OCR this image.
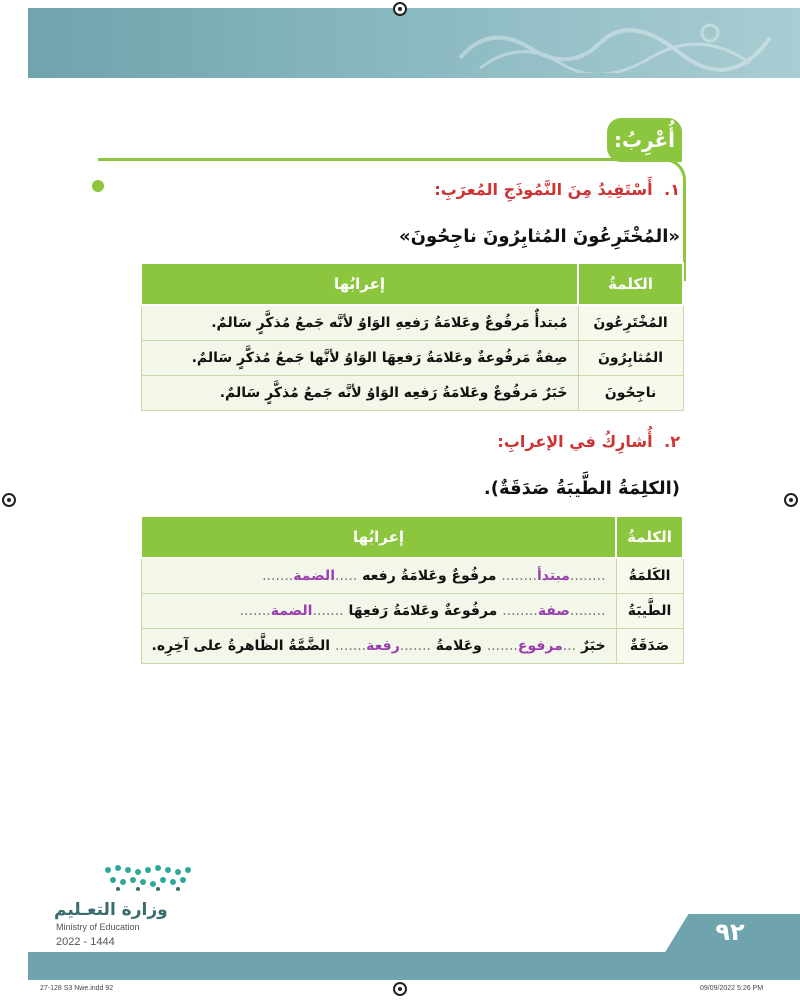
أُعْرِبُ:
١. أَسْتَفِيدُ مِنَ النَّمُوذَجِ المُعرَبِ:
«المُخْتَرِعُونَ المُثابِرُونَ ناجِحُونَ»
الكلمةُ	إعرابُها
المُخْتَرِعُونَ	مُبتدأٌ مَرفُوعٌ وعَلامَةُ رَفعِهِ الوَاوُ لأنَّه جَمعُ مُذكَّرٍ سَالمٌ.
المُثابِرُونَ	صِفةٌ مَرفُوعةٌ وعَلامَةُ رَفعِهَا الوَاوُ لأنَّها جَمعُ مُذكَّرٍ سَالمٌ.
ناجِحُونَ	خَبَرٌ مَرفُوعٌ وعَلامَةُ رَفعِه الوَاوُ لأنَّه جَمعُ مُذكَّرٍ سَالمٌ.
٢. أُشارِكُ في الإعرابِ:
(الكلِمَةُ الطَّيبَةُ صَدَقَةٌ).
الكلمةُ	إعرابُها
الكَلمَةُ	........مبتدأ........ مرفُوعٌ وعَلامَةُ رفعه .....الضمة.......
الطَّيبَةُ	........صفة........ مرفُوعةٌ وعَلامَةُ رَفعِهَا .......الضمة.......
صَدَقَةٌ	خبَرٌ ...مرفوع....... وعَلامةُ .......رفعة....... الضَّمَّةُ الظَّاهرةُ على آخِرِه.
وزارة التعـليم
Ministry of Education
2022 - 1444	٩٢
27-128 S3 Nwe.indd 92	09/09/2022 5:26 PM
